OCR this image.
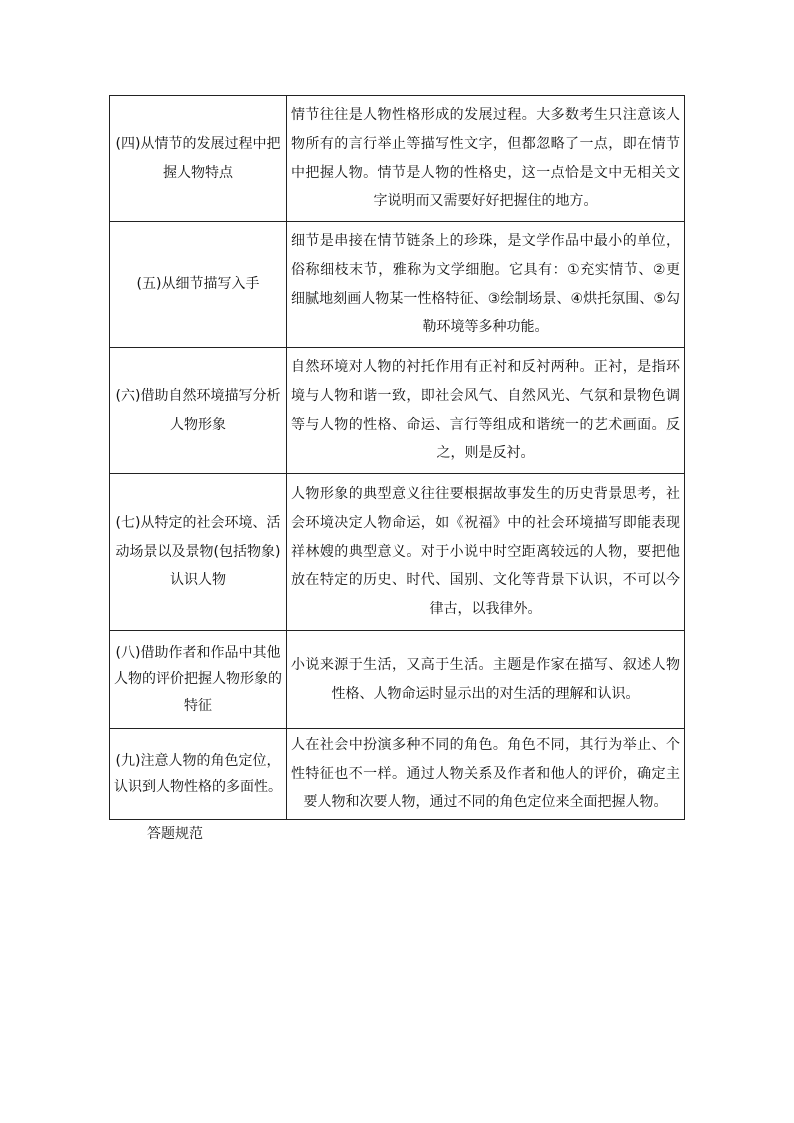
(四)从情节的发展过程中把握人物特点	情节往往是人物性格形成的发展过程。大多数考生只注意该人物所有的言行举止等描写性文字，但都忽略了一点，即在情节中把握人物。情节是人物的性格史，这一点恰是文中无相关文字说明而又需要好好把握住的地方。
(五)从细节描写入手	细节是串接在情节链条上的珍珠，是文学作品中最小的单位，俗称细枝末节，雅称为文学细胞。它具有：①充实情节、②更细腻地刻画人物某一性格特征、③绘制场景、④烘托氛围、⑤勾勒环境等多种功能。
(六)借助自然环境描写分析人物形象	自然环境对人物的衬托作用有正衬和反衬两种。正衬，是指环境与人物和谐一致，即社会风气、自然风光、气氛和景物色调等与人物的性格、命运、言行等组成和谐统一的艺术画面。反之，则是反衬。
(七)从特定的社会环境、活动场景以及景物(包括物象)认识人物	人物形象的典型意义往往要根据故事发生的历史背景思考，社会环境决定人物命运，如《祝福》中的社会环境描写即能表现祥林嫂的典型意义。对于小说中时空距离较远的人物，要把他放在特定的历史、时代、国别、文化等背景下认识，不可以今律古，以我律外。
(八)借助作者和作品中其他人物的评价把握人物形象的特征	小说来源于生活，又高于生活。主题是作家在描写、叙述人物性格、人物命运时显示出的对生活的理解和认识。
(九)注意人物的角色定位，认识到人物性格的多面性。	人在社会中扮演多种不同的角色。角色不同，其行为举止、个性特征也不一样。通过人物关系及作者和他人的评价，确定主要人物和次要人物，通过不同的角色定位来全面把握人物。
答题规范
